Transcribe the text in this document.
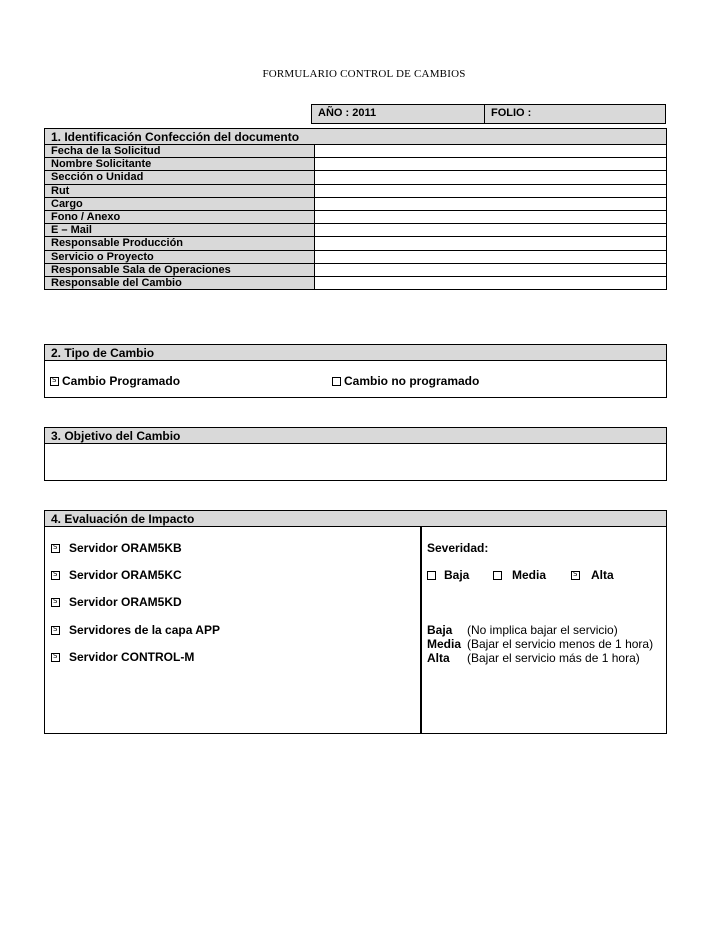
FORMULARIO CONTROL DE CAMBIOS
AÑO : 2011	FOLIO :
1. Identificación Confección del documento
Fecha de la Solicitud	
Nombre Solicitante	
Sección o Unidad	
Rut	
Cargo	
Fono / Anexo	
E – Mail	
Responsable Producción	
Servicio o Proyecto	
Responsable Sala de Operaciones	
Responsable del Cambio	
2. Tipo de Cambio
S
Cambio Programado	Cambio no programado
3. Objetivo del Cambio
4. Evaluación de Impacto
S
Servidor ORAM5KB
S
Servidor ORAM5KC
S
Servidor ORAM5KD
S
Servidores de la capa APP
S
Servidor CONTROL-M
Severidad:
Baja	Media
S	Alta
Baja (No implica bajar el servicio)
Media (Bajar el servicio menos de 1 hora)
Alta (Bajar el servicio más de 1 hora)
